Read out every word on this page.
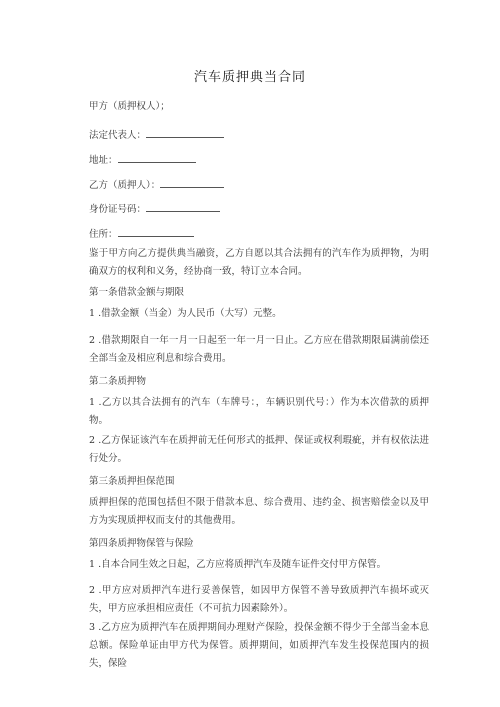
汽车质押典当合同
甲方（质押权人）；
法定代表人：
地址：
乙方（质押人）：
身份证号码：
住所：
鉴于甲方向乙方提供典当融资，乙方自愿以其合法拥有的汽车作为质押物，为明确双方的权利和义务，经协商一致，特订立本合同。
第一条借款金额与期限
1 .借款金额（当金）为人民币（大写）元整。
2 .借款期限自一年一月一日起至一年一月一日止。乙方应在借款期限届满前偿还全部当金及相应利息和综合费用。
第二条质押物
1 .乙方以其合法拥有的汽车（车牌号：，车辆识别代号：）作为本次借款的质押物。
2 .乙方保证该汽车在质押前无任何形式的抵押、保证或权利瑕疵，并有权依法进行处分。
第三条质押担保范围
质押担保的范围包括但不限于借款本息、综合费用、违约金、损害赔偿金以及甲方为实现质押权而支付的其他费用。
第四条质押物保管与保险
1 .自本合同生效之日起，乙方应将质押汽车及随车证件交付甲方保管。
2 .甲方应对质押汽车进行妥善保管，如因甲方保管不善导致质押汽车损坏或灭失，甲方应承担相应责任（不可抗力因素除外）。
3 .乙方应为质押汽车在质押期间办理财产保险，投保金额不得少于全部当金本息总额。保险单证由甲方代为保管。质押期间，如质押汽车发生投保范围内的损失，保险
